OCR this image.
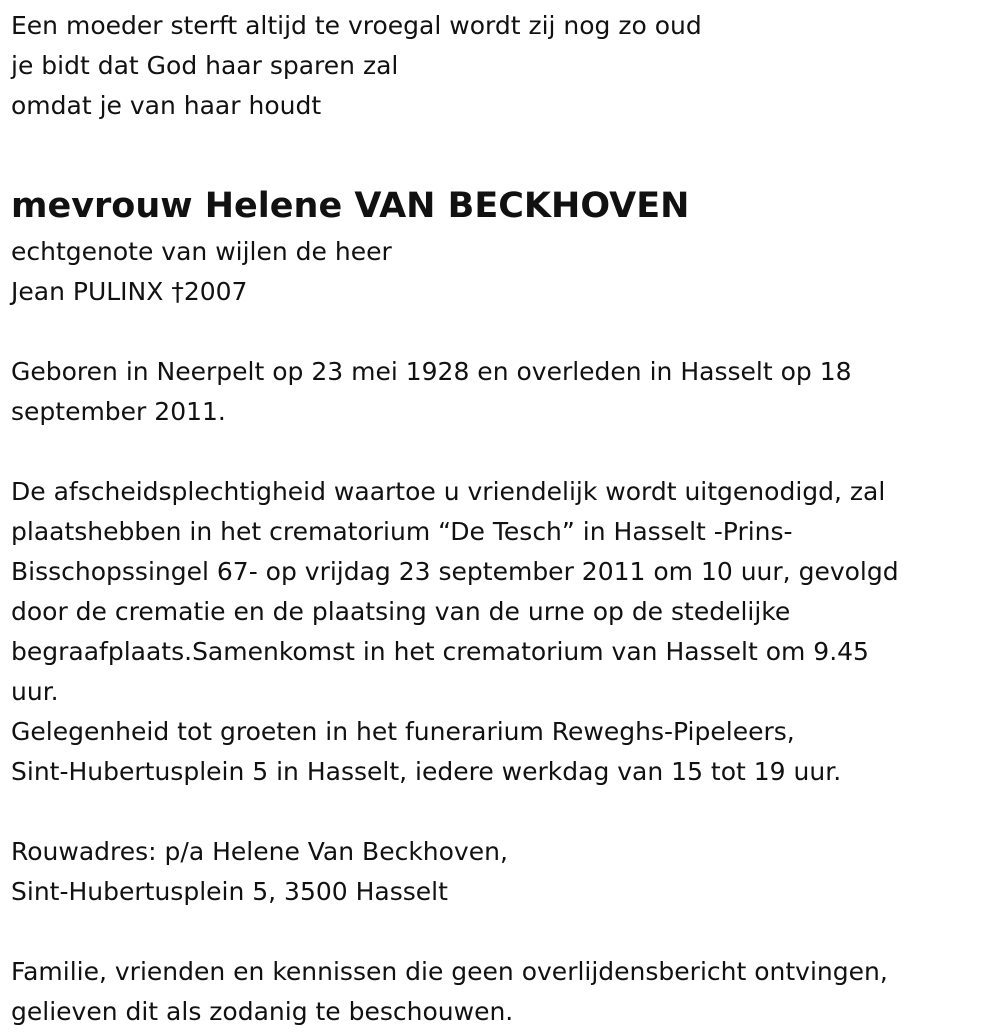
Een moeder sterft altijd te vroegal wordt zij nog zo oud
je bidt dat God haar sparen zal
omdat je van haar houdt
mevrouw Helene VAN BECKHOVEN
echtgenote van wijlen de heer
Jean PULINX †2007
Geboren in Neerpelt op 23 mei 1928 en overleden in Hasselt op 18
september 2011.
De afscheidsplechtigheid waartoe u vriendelijk wordt uitgenodigd, zal
plaatshebben in het crematorium “De Tesch” in Hasselt -Prins-
Bisschopssingel 67- op vrijdag 23 september 2011 om 10 uur, gevolgd
door de crematie en de plaatsing van de urne op de stedelijke
begraafplaats.Samenkomst in het crematorium van Hasselt om 9.45
uur.
Gelegenheid tot groeten in het funerarium Reweghs-Pipeleers,
Sint-Hubertusplein 5 in Hasselt, iedere werkdag van 15 tot 19 uur.
Rouwadres: p/a Helene Van Beckhoven,
Sint-Hubertusplein 5, 3500 Hasselt
Familie, vrienden en kennissen die geen overlijdensbericht ontvingen,
gelieven dit als zodanig te beschouwen.
